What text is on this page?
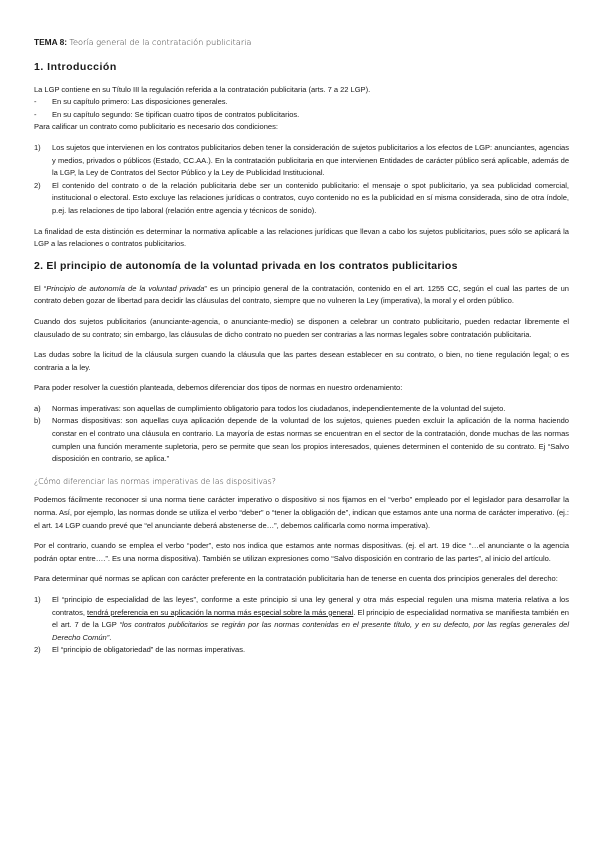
TEMA 8: Teoría general de la contratación publicitaria

1. Introducción

La LGP contiene en su Título III la regulación referida a la contratación publicitaria (arts. 7 a 22 LGP).

-	En su capítulo primero: Las disposiciones generales.
-	En su capítulo segundo: Se tipifican cuatro tipos de contratos publicitarios.

Para calificar un contrato como publicitario es necesario dos condiciones:

1)	Los sujetos que intervienen en los contratos publicitarios deben tener la consideración de sujetos publicitarios a los efectos de LGP: anunciantes, agencias y medios, privados o públicos (Estado, CC.AA.). En la contratación publicitaria en que intervienen Entidades de carácter público será aplicable, además de la LGP, la Ley de Contratos del Sector Público y la Ley de Publicidad Institucional.
2)	El contenido del contrato o de la relación publicitaria debe ser un contenido publicitario: el mensaje o spot publicitario, ya sea publicidad comercial, institucional o electoral. Esto excluye las relaciones jurídicas o contratos, cuyo contenido no es la publicidad en sí misma considerada, sino de otra índole, p.ej. las relaciones de tipo laboral (relación entre agencia y técnicos de sonido).

La finalidad de esta distinción es determinar la normativa aplicable a las relaciones jurídicas que llevan a cabo los sujetos publicitarios, pues sólo se aplicará la LGP a las relaciones o contratos publicitarios.

2. El principio de autonomía de la voluntad privada en los contratos publicitarios

El “Principio de autonomía de la voluntad privada” es un principio general de la contratación, contenido en el art. 1255 CC, según el cual las partes de un contrato deben gozar de libertad para decidir las cláusulas del contrato, siempre que no vulneren la Ley (imperativa), la moral y el orden público.

Cuando dos sujetos publicitarios (anunciante-agencia, o anunciante-medio) se disponen a celebrar un contrato publicitario, pueden redactar libremente el clausulado de su contrato; sin embargo, las cláusulas de dicho contrato no pueden ser contrarias a las normas legales sobre contratación publicitaria.

Las dudas sobre la licitud de la cláusula surgen cuando la cláusula que las partes desean establecer en su contrato, o bien, no tiene regulación legal; o es contraria a la ley.

Para poder resolver la cuestión planteada, debemos diferenciar dos tipos de normas en nuestro ordenamiento:

a)	Normas imperativas: son aquellas de cumplimiento obligatorio para todos los ciudadanos, independientemente de la voluntad del sujeto.
b)	Normas dispositivas: son aquellas cuya aplicación depende de la voluntad de los sujetos, quienes pueden excluir la aplicación de la norma haciendo constar en el contrato una cláusula en contrario. La mayoría de estas normas se encuentran en el sector de la contratación, donde muchas de las normas cumplen una función meramente supletoria, pero se permite que sean los propios interesados, quienes determinen el contenido de su contrato. Ej “Salvo disposición en contrario, se aplica.”

¿Cómo diferenciar las normas imperativas de las dispositivas?

Podemos fácilmente reconocer si una norma tiene carácter imperativo o dispositivo si nos fijamos en el “verbo” empleado por el legislador para desarrollar la norma. Así, por ejemplo, las normas donde se utiliza el verbo “deber” o “tener la obligación de”, indican que estamos ante una norma de carácter imperativo. (ej.: el art. 14 LGP cuando prevé que “el anunciante deberá abstenerse de…”, debemos calificarla como norma imperativa).

Por el contrario, cuando se emplea el verbo “poder”, esto nos indica que estamos ante normas dispositivas. (ej. el art. 19 dice “…el anunciante o la agencia podrán optar entre….”. Es una norma dispositiva). También se utilizan expresiones como “Salvo disposición en contrario de las partes”, al inicio del artículo.

Para determinar qué normas se aplican con carácter preferente en la contratación publicitaria han de tenerse en cuenta dos principios generales del derecho:

1)	El “principio de especialidad de las leyes”, conforme a este principio si una ley general y otra más especial regulen una misma materia relativa a los contratos, tendrá preferencia en su aplicación la norma más especial sobre la más general. El principio de especialidad normativa se manifiesta también en el art. 7 de la LGP “los contratos publicitarios se regirán por las normas contenidas en el presente título, y en su defecto, por las reglas generales del Derecho Común”.
2)	El “principio de obligatoriedad” de las normas imperativas.
